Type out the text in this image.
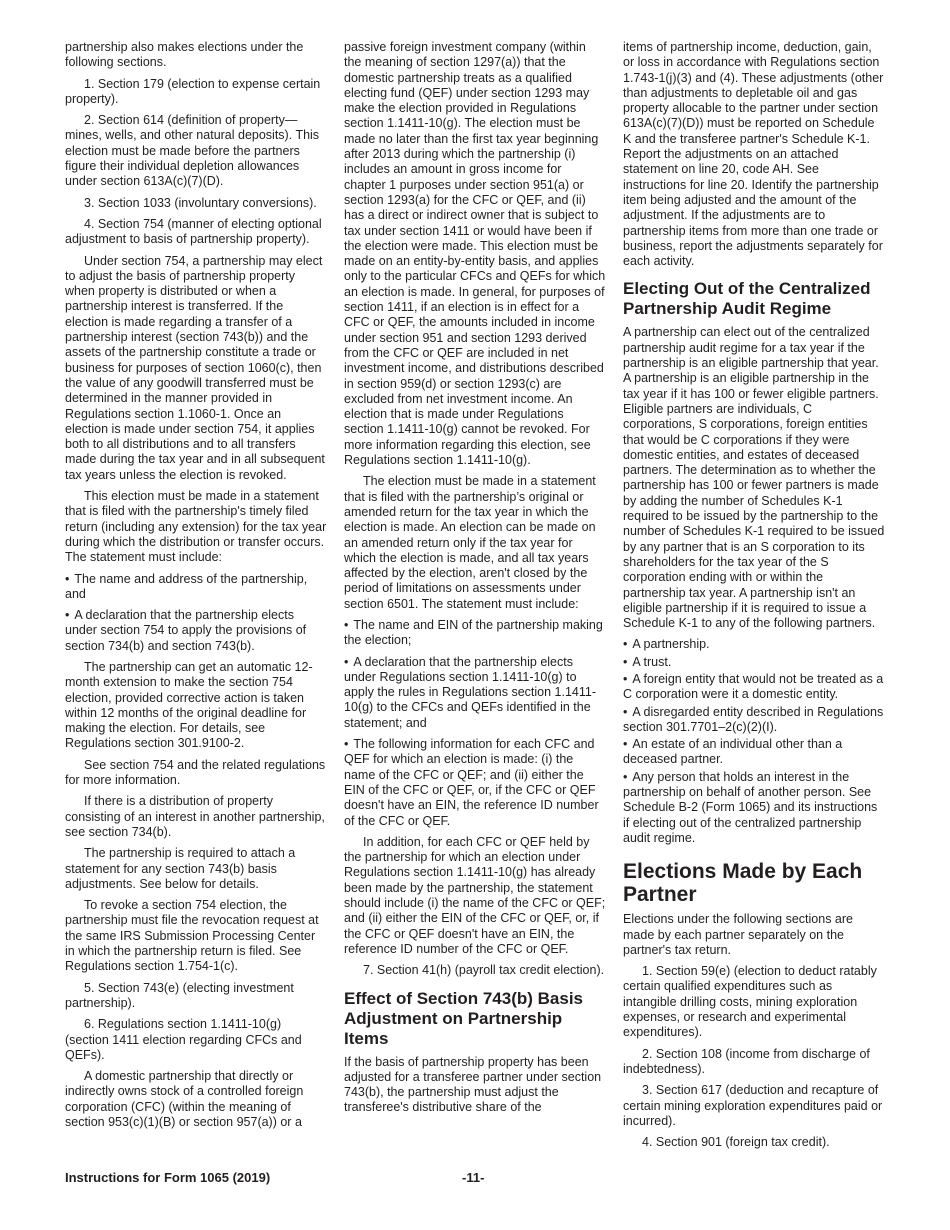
partnership also makes elections under the following sections.

1. Section 179 (election to expense certain property).

2. Section 614 (definition of property—mines, wells, and other natural deposits). This election must be made before the partners figure their individual depletion allowances under section 613A(c)(7)(D).

3. Section 1033 (involuntary conversions).

4. Section 754 (manner of electing optional adjustment to basis of partnership property).

Under section 754, a partnership may elect to adjust the basis of partnership property when property is distributed or when a partnership interest is transferred. If the election is made regarding a transfer of a partnership interest (section 743(b)) and the assets of the partnership constitute a trade or business for purposes of section 1060(c), then the value of any goodwill transferred must be determined in the manner provided in Regulations section 1.1060-1. Once an election is made under section 754, it applies both to all distributions and to all transfers made during the tax year and in all subsequent tax years unless the election is revoked.

This election must be made in a statement that is filed with the partnership's timely filed return (including any extension) for the tax year during which the distribution or transfer occurs. The statement must include:

• The name and address of the partnership, and

• A declaration that the partnership elects under section 754 to apply the provisions of section 734(b) and section 743(b).

The partnership can get an automatic 12-month extension to make the section 754 election, provided corrective action is taken within 12 months of the original deadline for making the election. For details, see Regulations section 301.9100-2.

See section 754 and the related regulations for more information.

If there is a distribution of property consisting of an interest in another partnership, see section 734(b).

The partnership is required to attach a statement for any section 743(b) basis adjustments. See below for details.

To revoke a section 754 election, the partnership must file the revocation request at the same IRS Submission Processing Center in which the partnership return is filed. See Regulations section 1.754-1(c).

5. Section 743(e) (electing investment partnership).

6. Regulations section 1.1411-10(g) (section 1411 election regarding CFCs and QEFs).

A domestic partnership that directly or indirectly owns stock of a controlled foreign corporation (CFC) (within the meaning of section 953(c)(1)(B) or section 957(a)) or a

passive foreign investment company (within the meaning of section 1297(a)) that the domestic partnership treats as a qualified electing fund (QEF) under section 1293 may make the election provided in Regulations section 1.1411-10(g). The election must be made no later than the first tax year beginning after 2013 during which the partnership (i) includes an amount in gross income for chapter 1 purposes under section 951(a) or section 1293(a) for the CFC or QEF, and (ii) has a direct or indirect owner that is subject to tax under section 1411 or would have been if the election were made. This election must be made on an entity-by-entity basis, and applies only to the particular CFCs and QEFs for which an election is made. In general, for purposes of section 1411, if an election is in effect for a CFC or QEF, the amounts included in income under section 951 and section 1293 derived from the CFC or QEF are included in net investment income, and distributions described in section 959(d) or section 1293(c) are excluded from net investment income. An election that is made under Regulations section 1.1411-10(g) cannot be revoked. For more information regarding this election, see Regulations section 1.1411-10(g).

The election must be made in a statement that is filed with the partnership’s original or amended return for the tax year in which the election is made. An election can be made on an amended return only if the tax year for which the election is made, and all tax years affected by the election, aren't closed by the period of limitations on assessments under section 6501. The statement must include:

• The name and EIN of the partnership making the election;

• A declaration that the partnership elects under Regulations section 1.1411-10(g) to apply the rules in Regulations section 1.1411-10(g) to the CFCs and QEFs identified in the statement; and

• The following information for each CFC and QEF for which an election is made: (i) the name of the CFC or QEF; and (ii) either the EIN of the CFC or QEF, or, if the CFC or QEF doesn't have an EIN, the reference ID number of the CFC or QEF.

In addition, for each CFC or QEF held by the partnership for which an election under Regulations section 1.1411-10(g) has already been made by the partnership, the statement should include (i) the name of the CFC or QEF; and (ii) either the EIN of the CFC or QEF, or, if the CFC or QEF doesn't have an EIN, the reference ID number of the CFC or QEF.

7. Section 41(h) (payroll tax credit election).

Effect of Section 743(b) Basis Adjustment on Partnership Items

If the basis of partnership property has been adjusted for a transferee partner under section 743(b), the partnership must adjust the transferee's distributive share of the

items of partnership income, deduction, gain, or loss in accordance with Regulations section 1.743-1(j)(3) and (4). These adjustments (other than adjustments to depletable oil and gas property allocable to the partner under section 613A(c)(7)(D)) must be reported on Schedule K and the transferee partner's Schedule K-1. Report the adjustments on an attached statement on line 20, code AH. See instructions for line 20. Identify the partnership item being adjusted and the amount of the adjustment. If the adjustments are to partnership items from more than one trade or business, report the adjustments separately for each activity.

Electing Out of the Centralized Partnership Audit Regime

A partnership can elect out of the centralized partnership audit regime for a tax year if the partnership is an eligible partnership that year. A partnership is an eligible partnership in the tax year if it has 100 or fewer eligible partners. Eligible partners are individuals, C corporations, S corporations, foreign entities that would be C corporations if they were domestic entities, and estates of deceased partners. The determination as to whether the partnership has 100 or fewer partners is made by adding the number of Schedules K-1 required to be issued by the partnership to the number of Schedules K-1 required to be issued by any partner that is an S corporation to its shareholders for the tax year of the S corporation ending with or within the partnership tax year. A partnership isn't an eligible partnership if it is required to issue a Schedule K-1 to any of the following partners.

• A partnership.

• A trust.

• A foreign entity that would not be treated as a C corporation were it a domestic entity.

• A disregarded entity described in Regulations section 301.7701–2(c)(2)(I).

• An estate of an individual other than a deceased partner.

• Any person that holds an interest in the partnership on behalf of another person. See Schedule B-2 (Form 1065) and its instructions if electing out of the centralized partnership audit regime.

Elections Made by Each Partner

Elections under the following sections are made by each partner separately on the partner's tax return.

1. Section 59(e) (election to deduct ratably certain qualified expenditures such as intangible drilling costs, mining exploration expenses, or research and experimental expenditures).

2. Section 108 (income from discharge of indebtedness).

3. Section 617 (deduction and recapture of certain mining exploration expenditures paid or incurred).

4. Section 901 (foreign tax credit).

Instructions for Form 1065 (2019)	-11-
